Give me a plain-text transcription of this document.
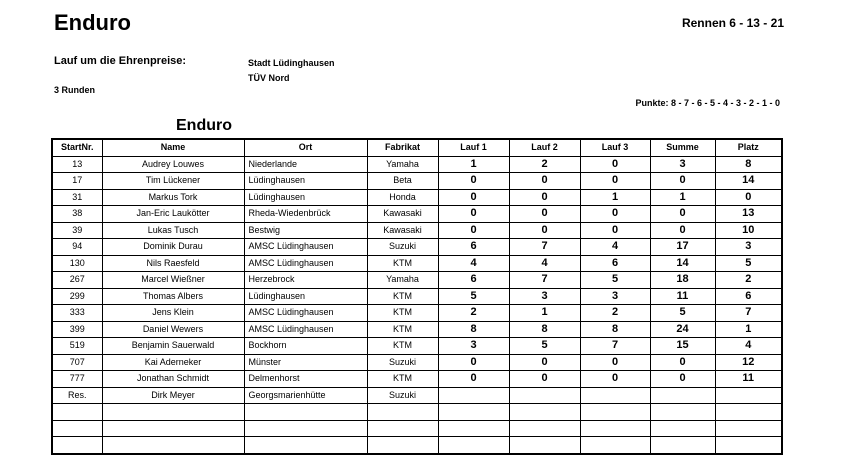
Enduro	Rennen 6 - 13 - 21
Lauf um die Ehrenpreise:	Stadt Lüdinghausen
TÜV Nord
3 Runden
Punkte: 8 - 7 - 6 - 5 - 4 - 3 - 2 - 1 - 0
Enduro
StartNr.	Name	Ort	Fabrikat	Lauf 1	Lauf 2	Lauf 3	Summe	Platz
13	Audrey Louwes	Niederlande	Yamaha	1	2	0	3	8
17	Tim Lückener	Lüdinghausen	Beta	0	0	0	0	14
31	Markus Tork	Lüdinghausen	Honda	0	0	1	1	0
38	Jan-Eric Laukötter	Rheda-Wiedenbrück	Kawasaki	0	0	0	0	13
39	Lukas Tusch	Bestwig	Kawasaki	0	0	0	0	10
94	Dominik Durau	AMSC Lüdinghausen	Suzuki	6	7	4	17	3
130	Nils Raesfeld	AMSC Lüdinghausen	KTM	4	4	6	14	5
267	Marcel Wießner	Herzebrock	Yamaha	6	7	5	18	2
299	Thomas Albers	Lüdinghausen	KTM	5	3	3	11	6
333	Jens Klein	AMSC Lüdinghausen	KTM	2	1	2	5	7
399	Daniel Wewers	AMSC Lüdinghausen	KTM	8	8	8	24	1
519	Benjamin Sauerwald	Bockhorn	KTM	3	5	7	15	4
707	Kai Aderneker	Münster	Suzuki	0	0	0	0	12
777	Jonathan Schmidt	Delmenhorst	KTM	0	0	0	0	11
Res.	Dirk Meyer	Georgsmarienhütte	Suzuki					
